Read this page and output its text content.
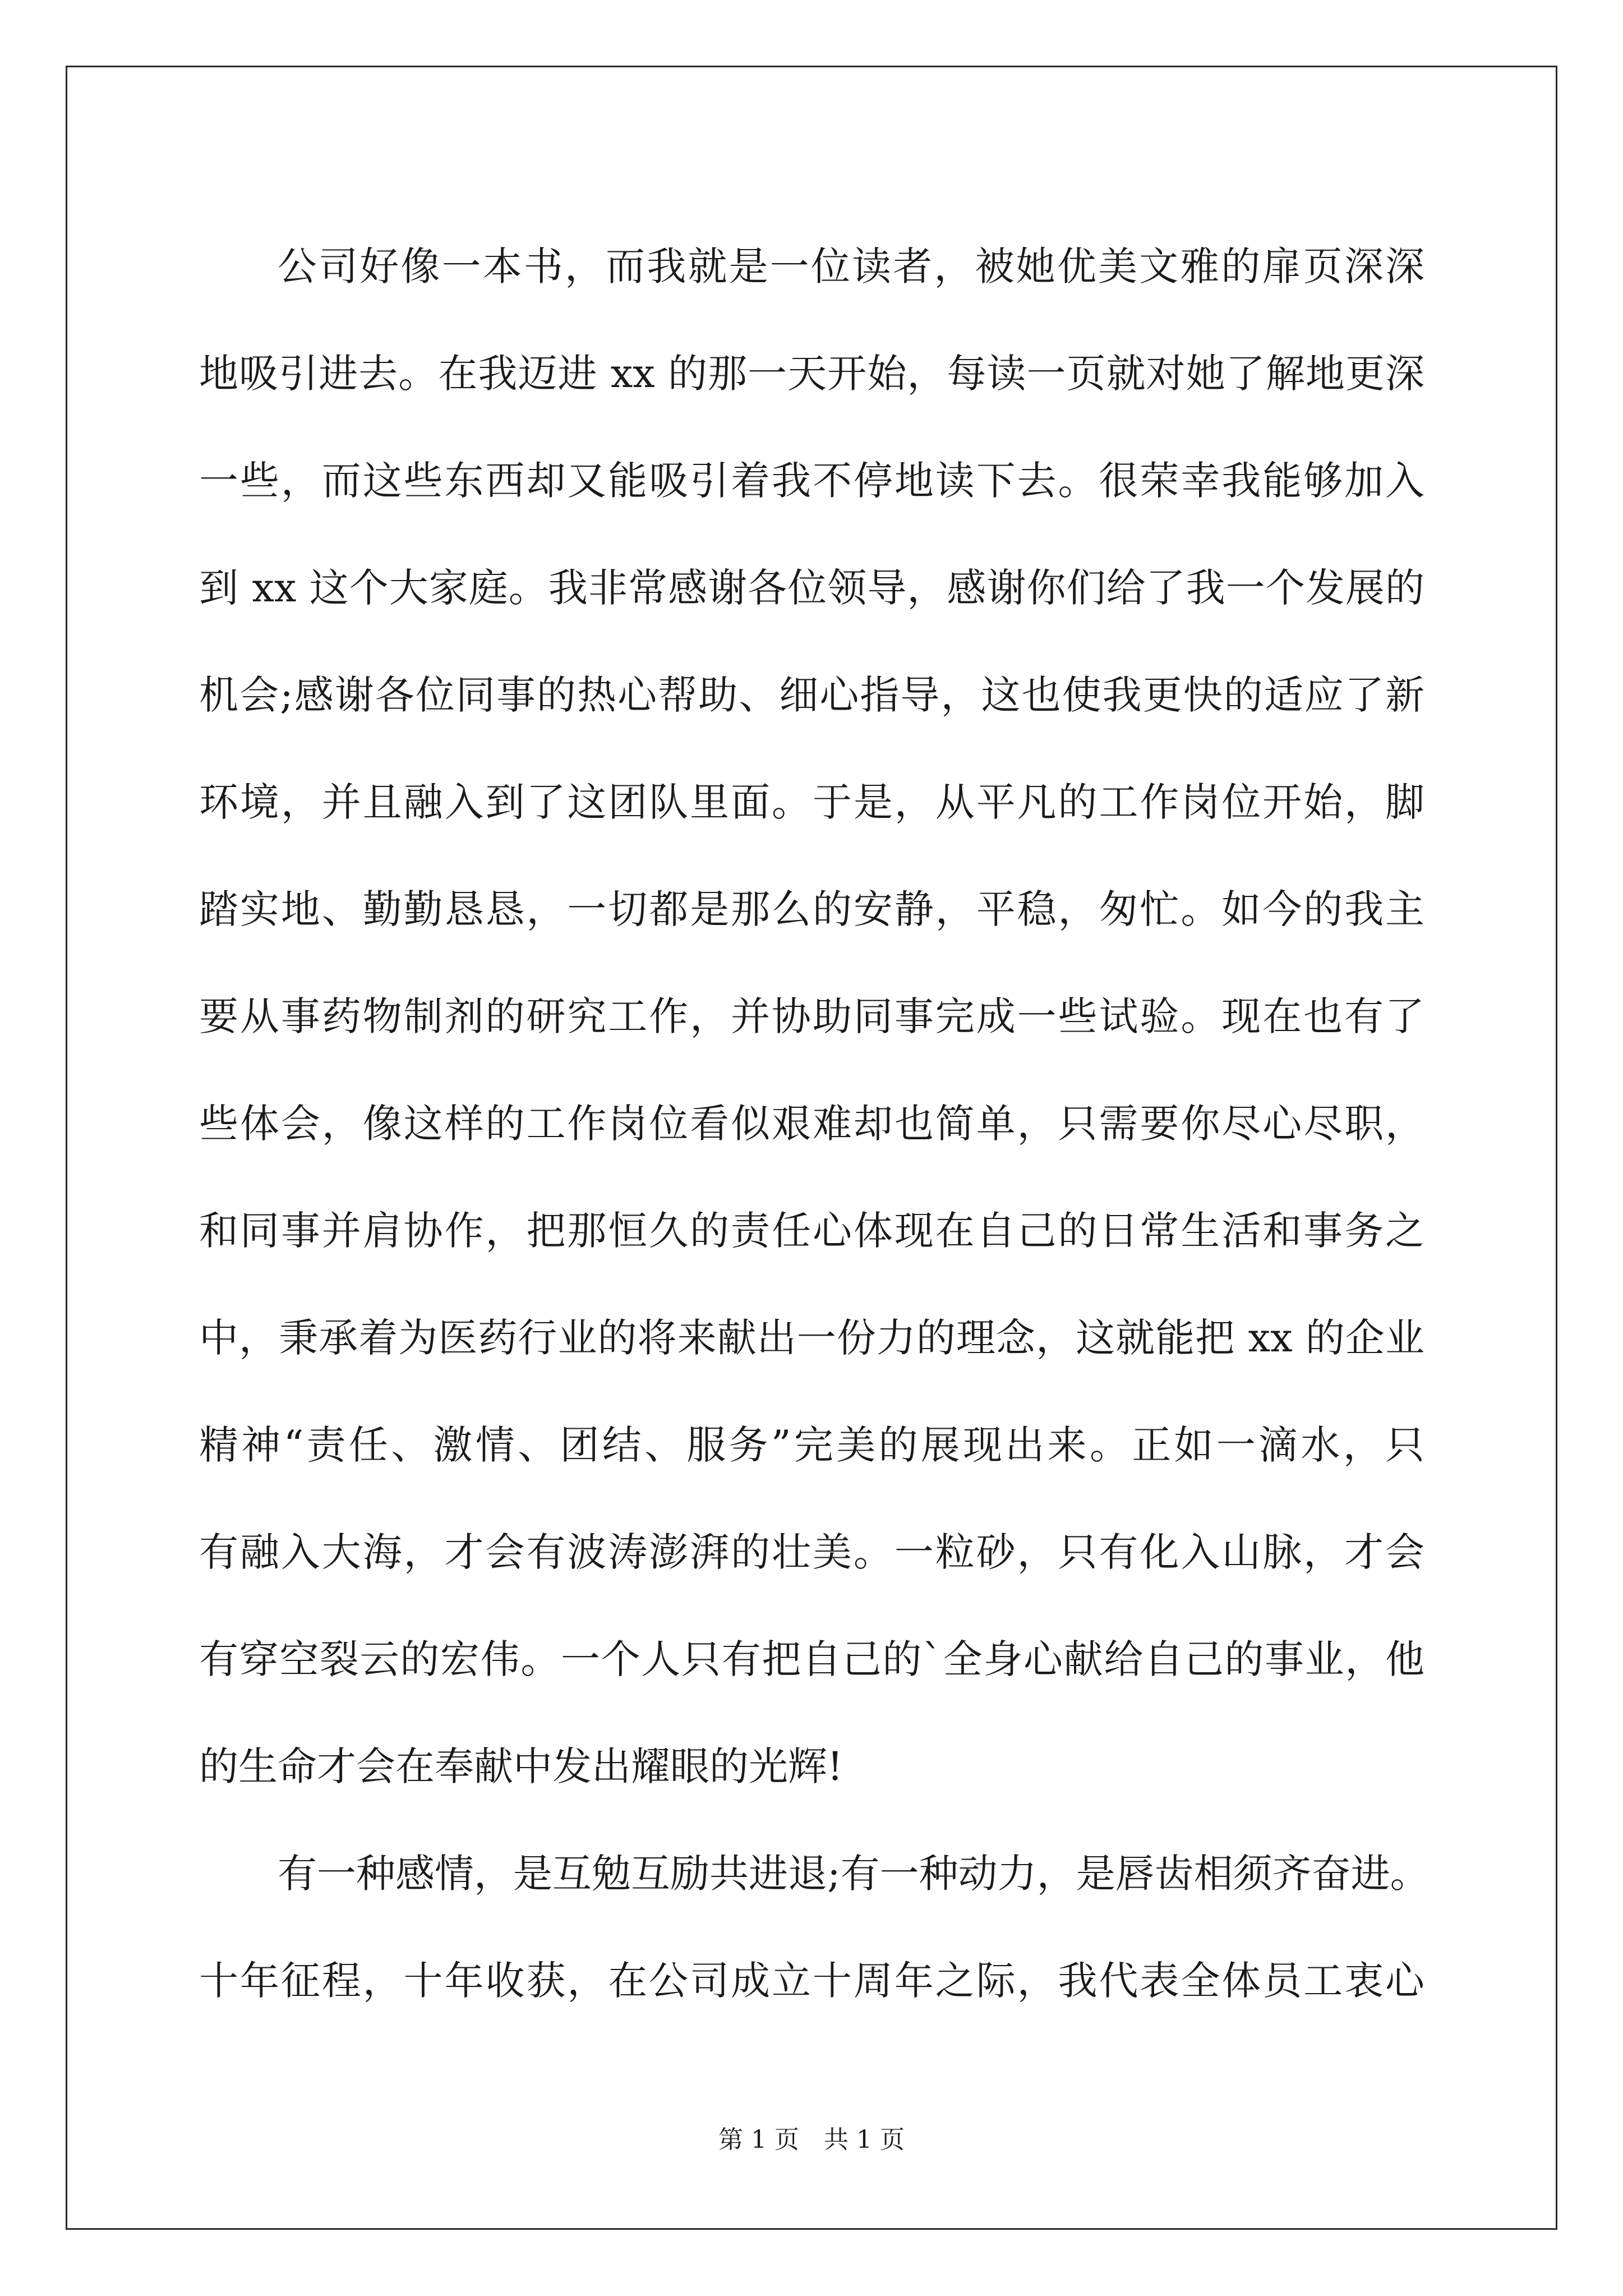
公司好像一本书，而我就是一位读者，被她优美文雅的扉页深深
地吸引进去。在我迈进 xx 的那一天开始，每读一页就对她了解地更深
一些，而这些东西却又能吸引着我不停地读下去。很荣幸我能够加入
到 xx 这个大家庭。我非常感谢各位领导，感谢你们给了我一个发展的
机会;感谢各位同事的热心帮助、细心指导，这也使我更快的适应了新
环境，并且融入到了这团队里面。于是，从平凡的工作岗位开始，脚
踏实地、勤勤恳恳，一切都是那么的安静，平稳，匆忙。如今的我主
要从事药物制剂的研究工作，并协助同事完成一些试验。现在也有了
些体会，像这样的工作岗位看似艰难却也简单，只需要你尽心尽职，
和同事并肩协作，把那恒久的责任心体现在自己的日常生活和事务之
中，秉承着为医药行业的将来献出一份力的理念，这就能把 xx 的企业
精神“责任、激情、团结、服务”完美的展现出来。正如一滴水，只
有融入大海，才会有波涛澎湃的壮美。一粒砂，只有化入山脉，才会
有穿空裂云的宏伟。一个人只有把自己的`全身心献给自己的事业，他
的生命才会在奉献中发出耀眼的光辉!
有一种感情，是互勉互励共进退;有一种动力，是唇齿相须齐奋进。
十年征程，十年收获，在公司成立十周年之际，我代表全体员工衷心
第 1 页　共 1 页
